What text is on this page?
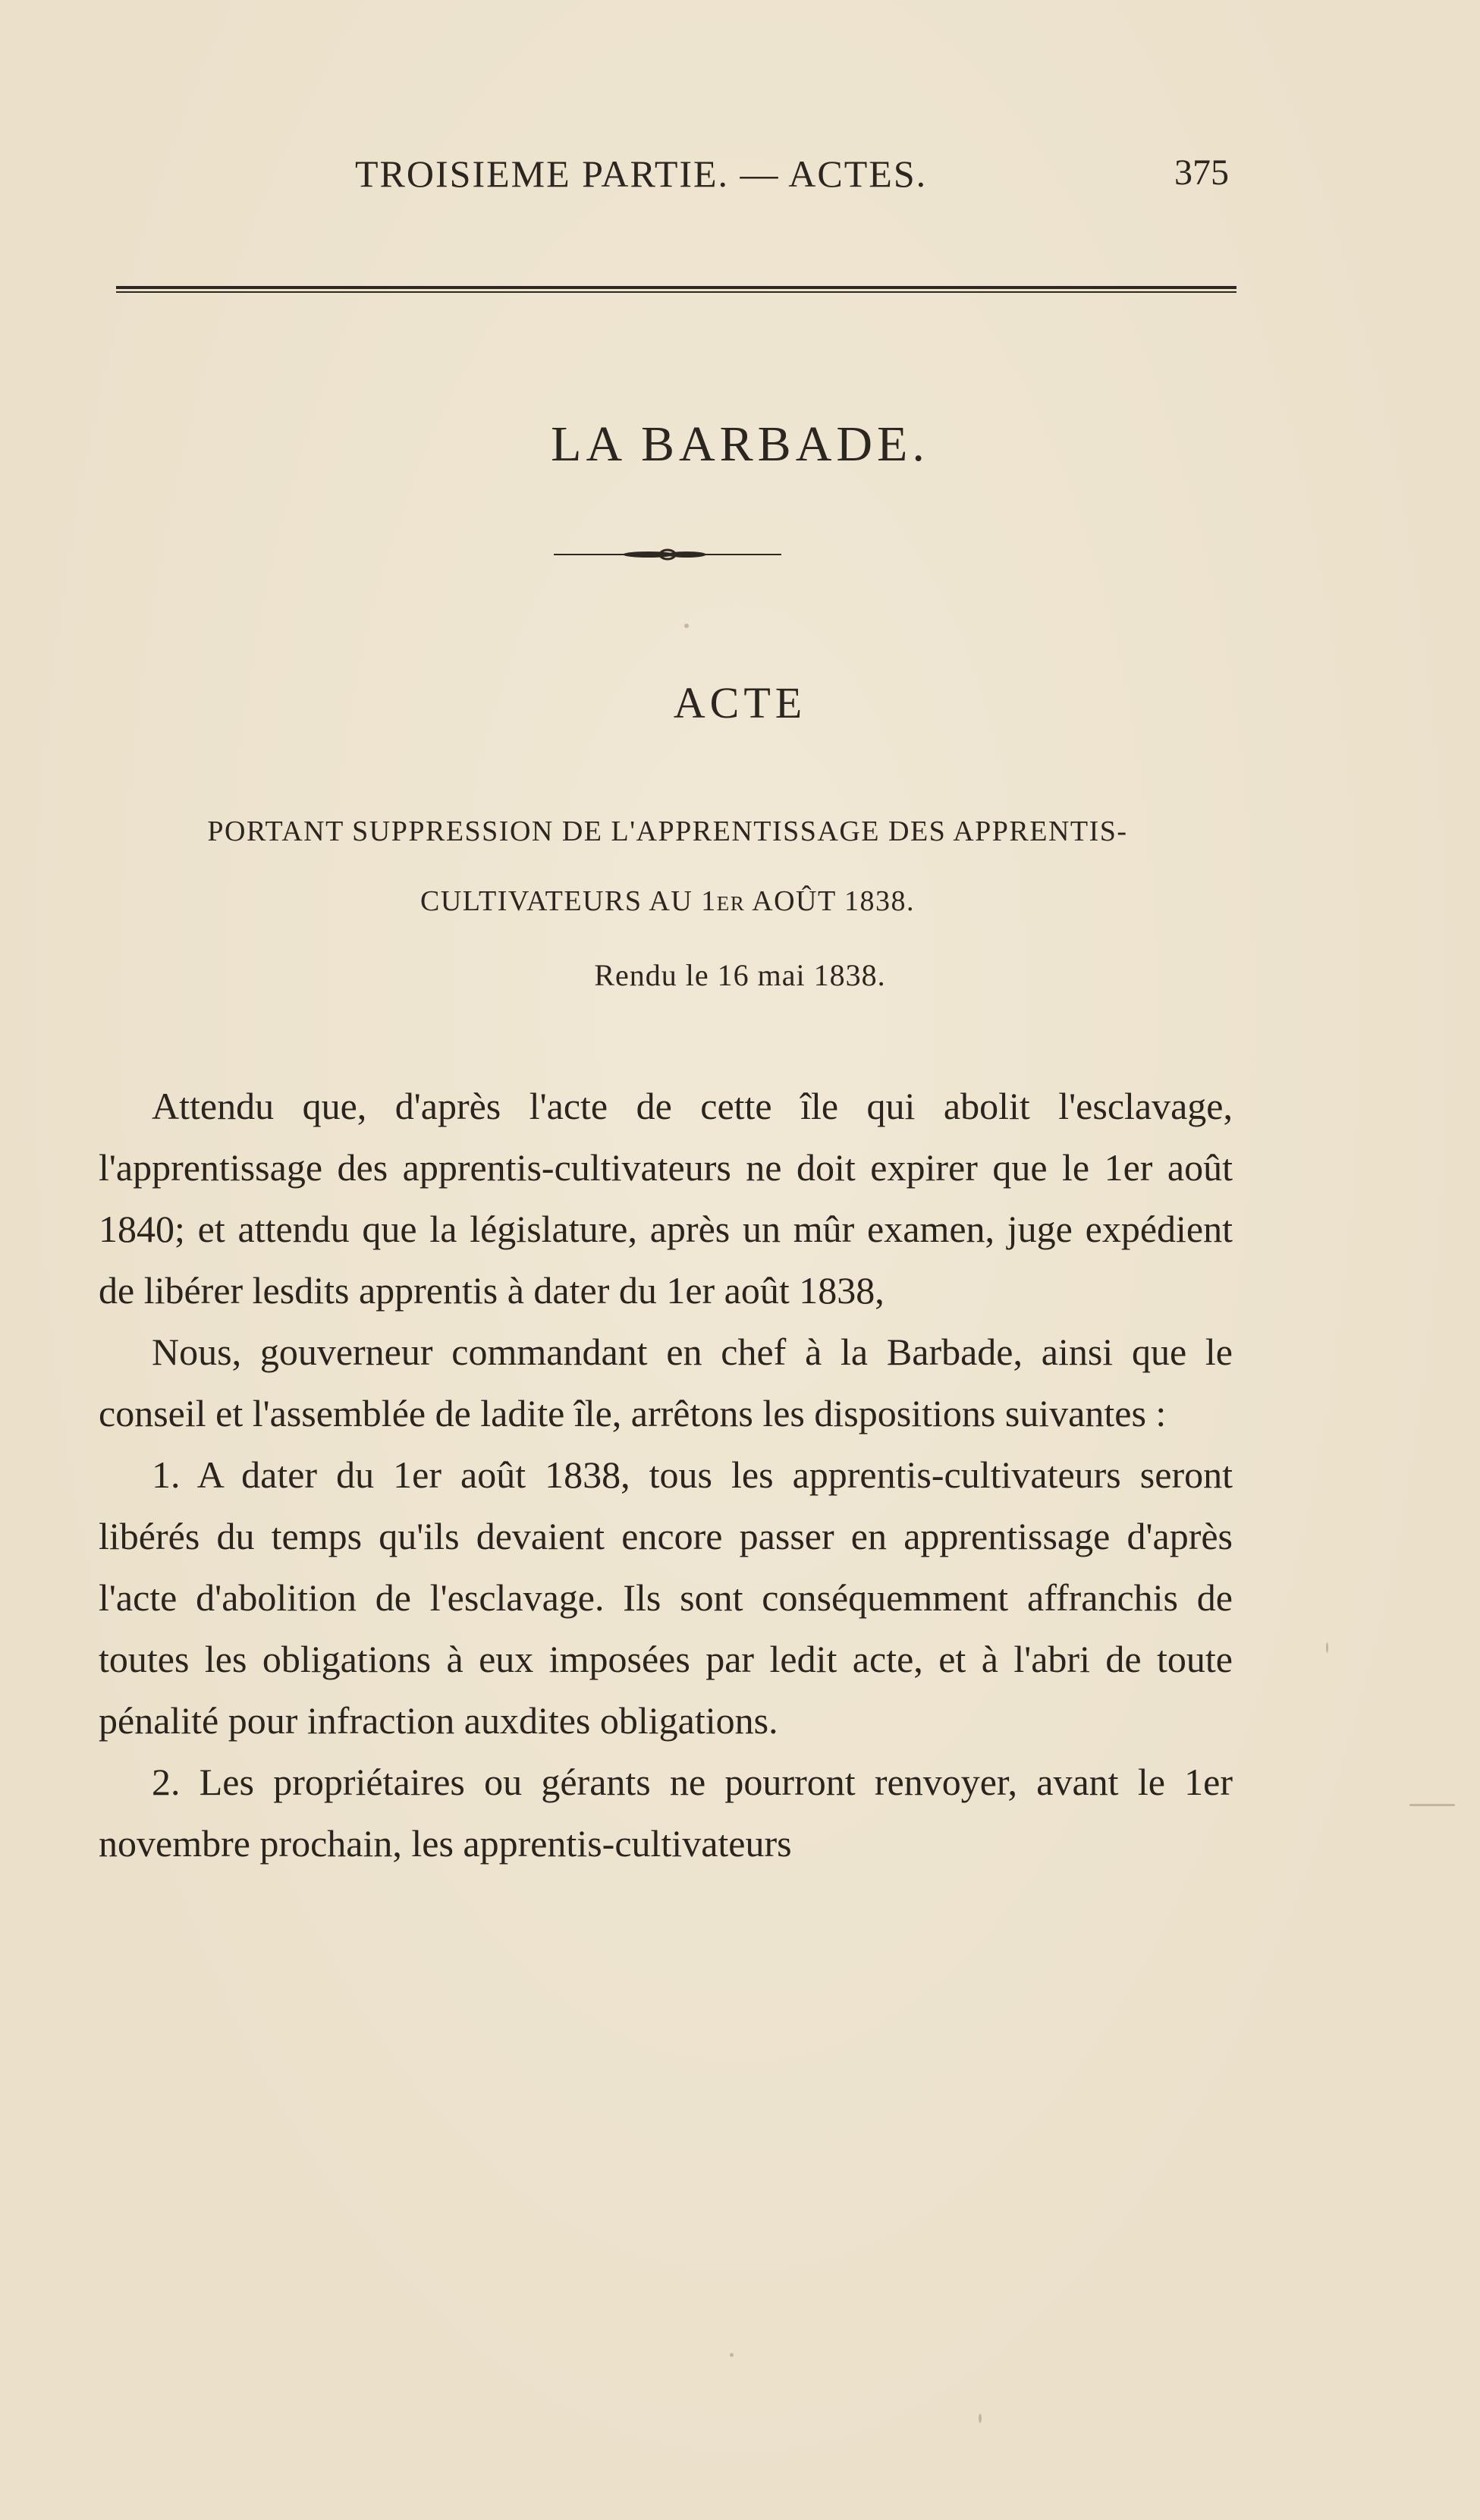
TROISIEME PARTIE. — ACTES.	375
LA BARBADE.
ACTE
PORTANT SUPPRESSION DE L'APPRENTISSAGE DES APPRENTIS-
CULTIVATEURS AU 1er AOÛT 1838.
Rendu le 16 mai 1838.

Attendu que, d'après l'acte de cette île qui abolit l'esclavage, l'apprentissage des apprentis-cultivateurs ne doit expirer que le 1er août 1840; et attendu que la législature, après un mûr examen, juge expédient de libérer lesdits apprentis à dater du 1er août 1838,

Nous, gouverneur commandant en chef à la Barbade, ainsi que le conseil et l'assemblée de ladite île, arrêtons les dispositions suivantes :

1. A dater du 1er août 1838, tous les apprentis-cultivateurs seront libérés du temps qu'ils devaient encore passer en apprentissage d'après l'acte d'abolition de l'esclavage. Ils sont conséquemment affranchis de toutes les obligations à eux imposées par ledit acte, et à l'abri de toute pénalité pour infraction auxdites obligations.

2. Les propriétaires ou gérants ne pourront renvoyer, avant le 1er novembre prochain, les apprentis-cultivateurs
